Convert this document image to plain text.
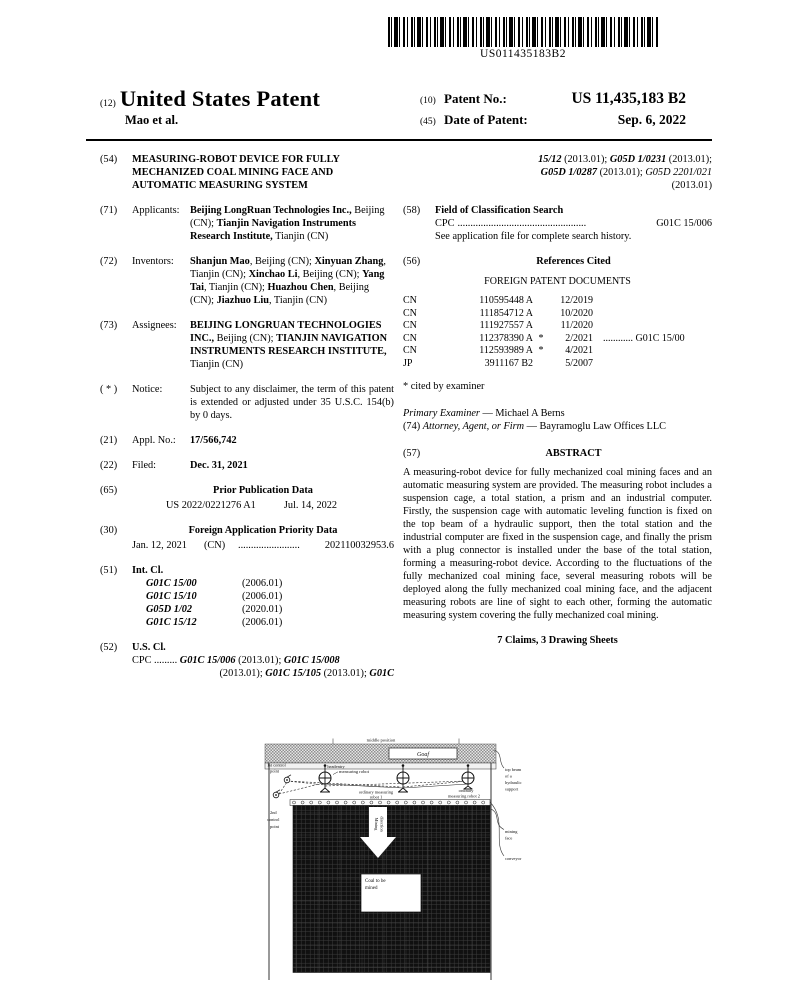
US011435183B2
(12) United States Patent
Mao et al.
(10) Patent No.:	US 11,435,183 B2
(45) Date of Patent:	Sep. 6, 2022
(54)	MEASURING-ROBOT DEVICE FOR FULLY MECHANIZED COAL MINING FACE AND AUTOMATIC MEASURING SYSTEM
(71)	Applicants:	Beijing LongRuan Technologies Inc., Beijing (CN); Tianjin Navigation Instruments Research Institute, Tianjin (CN)
(72)	Inventors:	Shanjun Mao, Beijing (CN); Xinyuan Zhang, Tianjin (CN); Xinchao Li, Beijing (CN); Yang Tai, Tianjin (CN); Huazhou Chen, Beijing (CN); Jiazhuo Liu, Tianjin (CN)
(73)	Assignees:	BEIJING LONGRUAN TECHNOLOGIES INC., Beijing (CN); TIANJIN NAVIGATION INSTRUMENTS RESEARCH INSTITUTE, Tianjin (CN)
( * )	Notice:	Subject to any disclaimer, the term of this patent is extended or adjusted under 35 U.S.C. 154(b) by 0 days.
(21)	Appl. No.:	17/566,742
(22)	Filed:	Dec. 31, 2021
(65)	Prior Publication Data
US 2022/0221276 A1	Jul. 14, 2022
(30)	Foreign Application Priority Data
Jan. 12, 2021	(CN)	........................	202110032953.6
(51)	Int. Cl.
G01C 15/00	(2006.01)
G01C 15/10	(2006.01)
G05D 1/02	(2020.01)
G01C 15/12	(2006.01)
(52)	U.S. Cl.
CPC ......... G01C 15/006 (2013.01); G01C 15/008
(2013.01); G01C 15/105 (2013.01); G01C
15/12 (2013.01); G05D 1/0231 (2013.01);
G05D 1/0287 (2013.01); G05D 2201/021
(2013.01)
(58)	Field of Classification Search
CPC ..................................................	G01C 15/006
See application file for complete search history.
(56)	References Cited
FOREIGN PATENT DOCUMENTS
CN	110595448 A	12/2019
CN	111854712 A	10/2020
CN	111927557 A	11/2020
CN	112378390 A *	2/2021 ............ G01C 15/00
CN	112593989 A *	4/2021
JP	3911167 B2	5/2007
* cited by examiner
Primary Examiner — Michael A Berns
(74) Attorney, Agent, or Firm — Bayramoglu Law Offices LLC
(57)	ABSTRACT
A measuring-robot device for fully mechanized coal mining faces and an automatic measuring system are provided. The measuring robot includes a suspension cage, a total station, a prism and an industrial computer. Firstly, the suspension cage with automatic leveling function is fixed on the top beam of a hydraulic support, then the total station and the industrial computer are fixed in the suspension cage, and finally the prism with a plug connector is installed under the base of the total station, forming a measuring-robot device. According to the fluctuations of the fully mechanized coal mining face, several measuring robots will be deployed along the fully mechanized coal mining face, and the adjacent measuring robots are line of sight to each other, forming the automatic measuring system covering the fully mechanized coal mining.
7 Claims, 3 Drawing Sheets
middle position
Goaf
headentry
1st control
point	measuring robot
ordinary measuring
robot 1
ordinary
measuring robot 2
2nd
control
point	Mining direction
Coal to be
mined
top beam
of a
hydraulic
support
mining
face
conveyor
